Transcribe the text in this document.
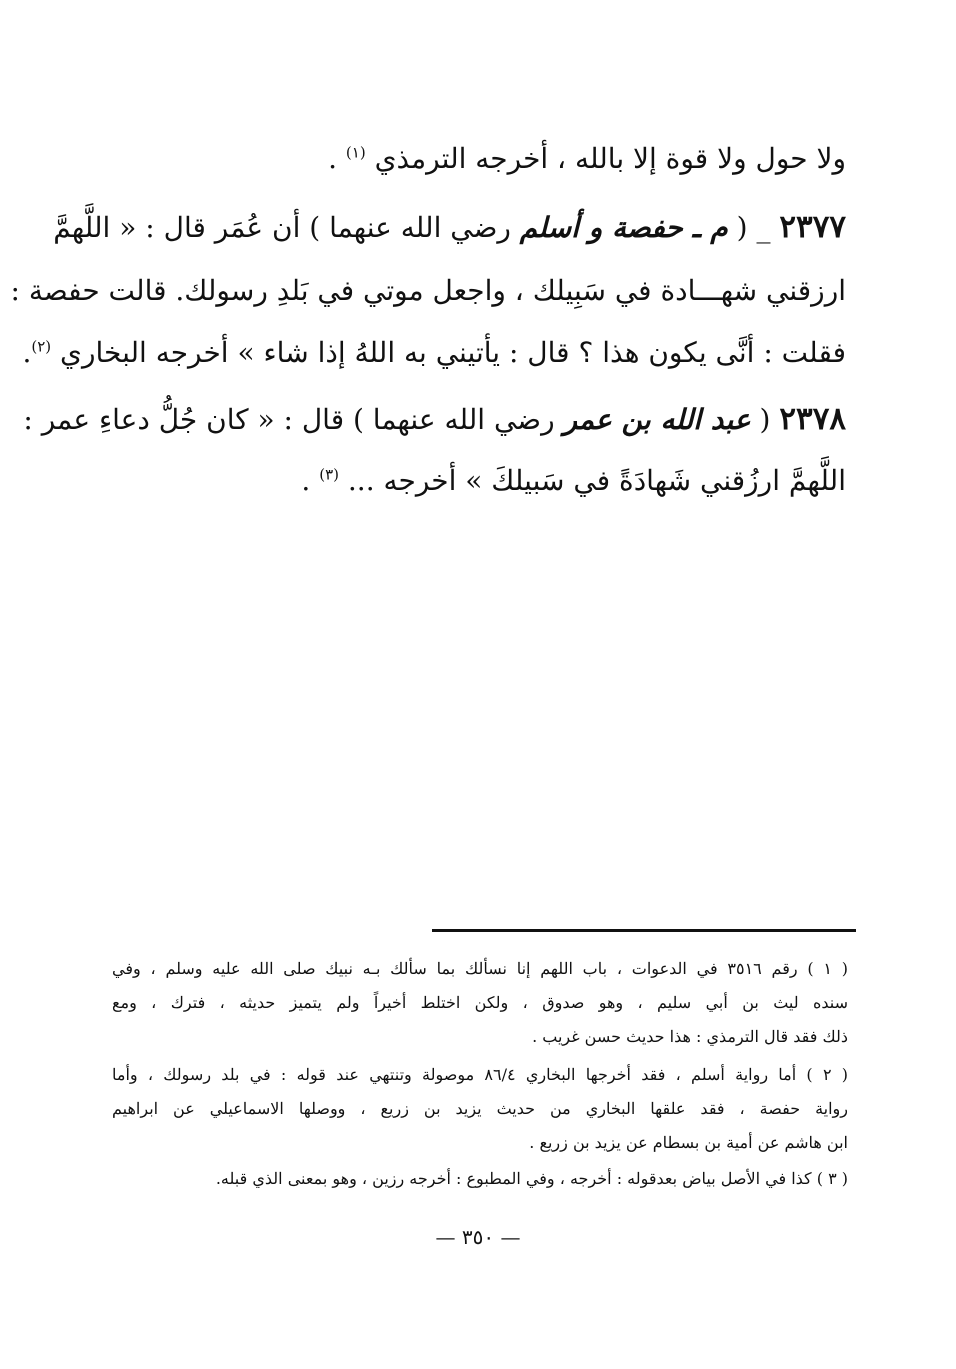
ولا حول ولا قوة إلا بالله ، أخرجه الترمذي $^{(١)}$ .
٢٣٧٧ _ ( م ـ حفصة و أسلم رضي الله عنهما ) أن عُمَر قال : « اللَّهمَّ
ارزقني شهـــادة في سَبِيلك ، واجعل موتي في بَلدِ رسولك. قالت حفصة :
فقلت : أنَّى يكون هذا ؟ قال : يأتيني به اللهُ إذا شاء » أخرجه البخاري $^{(٢)}$.
٢٣٧٨ ( عبد الله بن عمر رضي الله عنهما ) قال : « كان جُلُّ دعاءِ عمر :
اللَّهمَّ ارزُقني شَهادَةً في سَبيلكَ » أخرجه ... $^{(٣)}$ .
( ١ ) رقم ٣٥١٦ في الدعوات ، باب اللهم إنا نسألك بما سألك بـه نبيك صلى الله عليه وسلم ، وفي
سنده ليث بن أبي سليم ، وهو صدوق ، ولكن اختلط أخيراً ولم يتميز حديثه ، فترك ، ومع
ذلك فقد قال الترمذي : هذا حديث حسن غريب .
( ٢ ) أما رواية أسلم ، فقد أخرجها البخاري ٨٦/٤ موصولة وتنتهي عند قوله : في بلد رسولك ، وأما
رواية حفصة ، فقد علقها البخاري من حديث يزيد بن زريع ، ووصلها الاسماعيلي عن ابراهيم
ابن هاشم عن أمية بن بسطام عن يزيد بن زريع .
( ٣ ) كذا في الأصل بياض بعدقوله : أخرجه ، وفي المطبوع : أخرجه رزين ، وهو بمعنى الذي قبله.
— ٣٥٠ —
